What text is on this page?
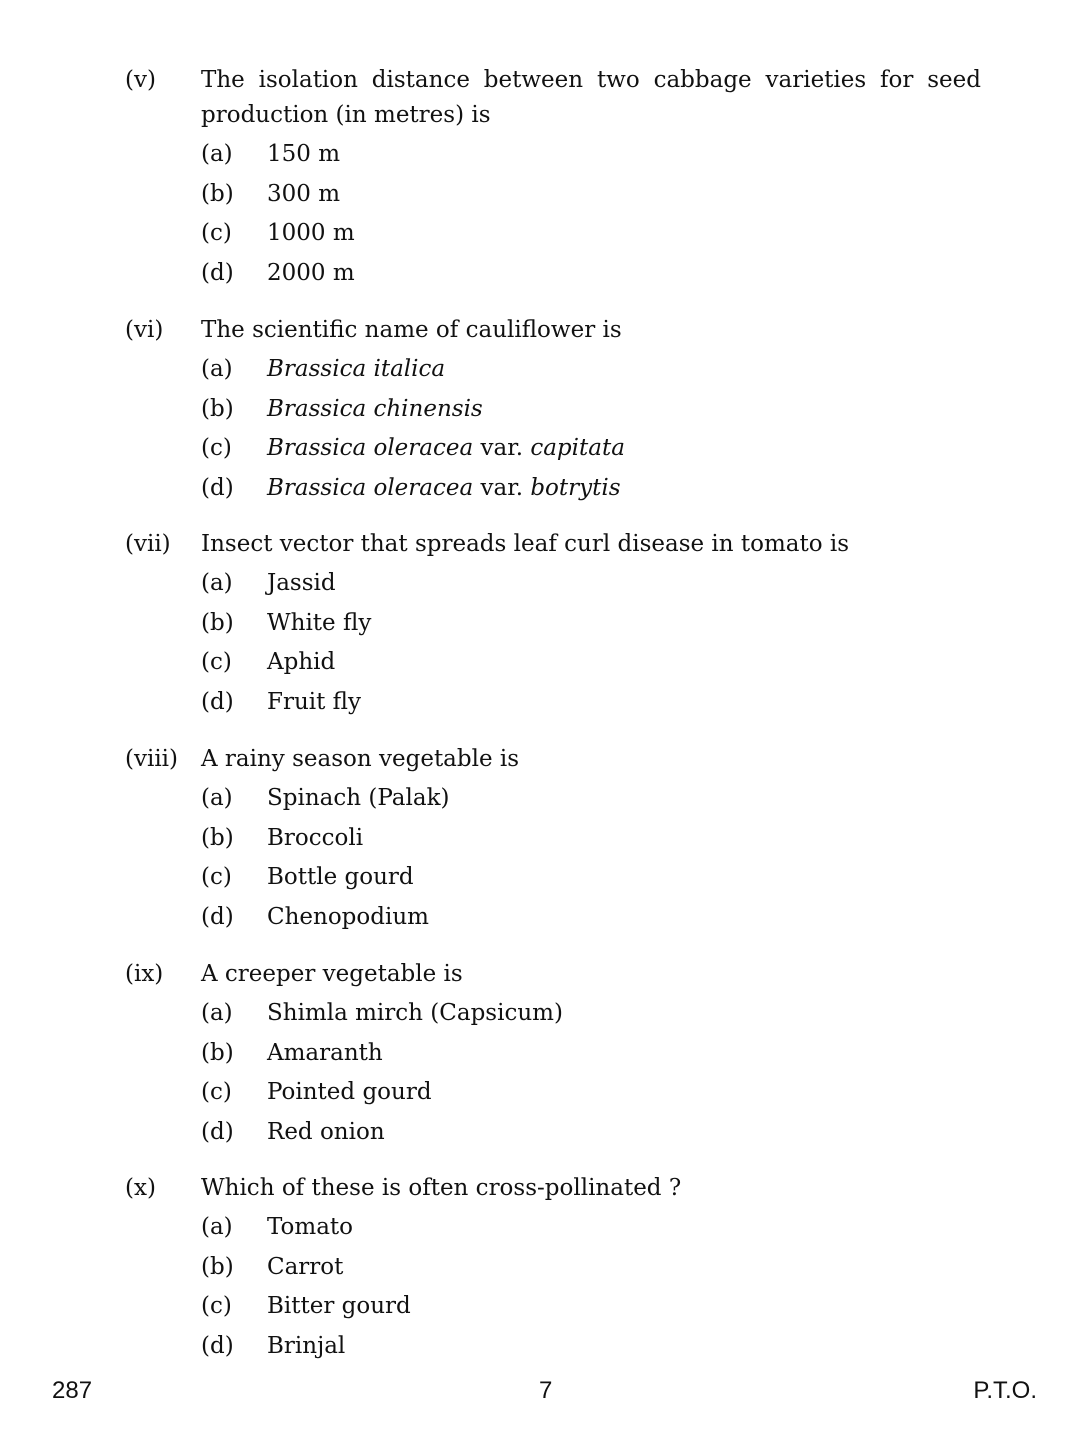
(v) The isolation distance between two cabbage varieties for seed production (in metres) is
(a) 150 m
(b) 300 m
(c) 1000 m
(d) 2000 m
(vi) The scientific name of cauliflower is
(a) Brassica italica
(b) Brassica chinensis
(c) Brassica oleracea var. capitata
(d) Brassica oleracea var. botrytis
(vii) Insect vector that spreads leaf curl disease in tomato is
(a) Jassid
(b) White fly
(c) Aphid
(d) Fruit fly
(viii) A rainy season vegetable is
(a) Spinach (Palak)
(b) Broccoli
(c) Bottle gourd
(d) Chenopodium
(ix) A creeper vegetable is
(a) Shimla mirch (Capsicum)
(b) Amaranth
(c) Pointed gourd
(d) Red onion
(x) Which of these is often cross-pollinated ?
(a) Tomato
(b) Carrot
(c) Bitter gourd
(d) Brinjal
287	7	P.T.O.
